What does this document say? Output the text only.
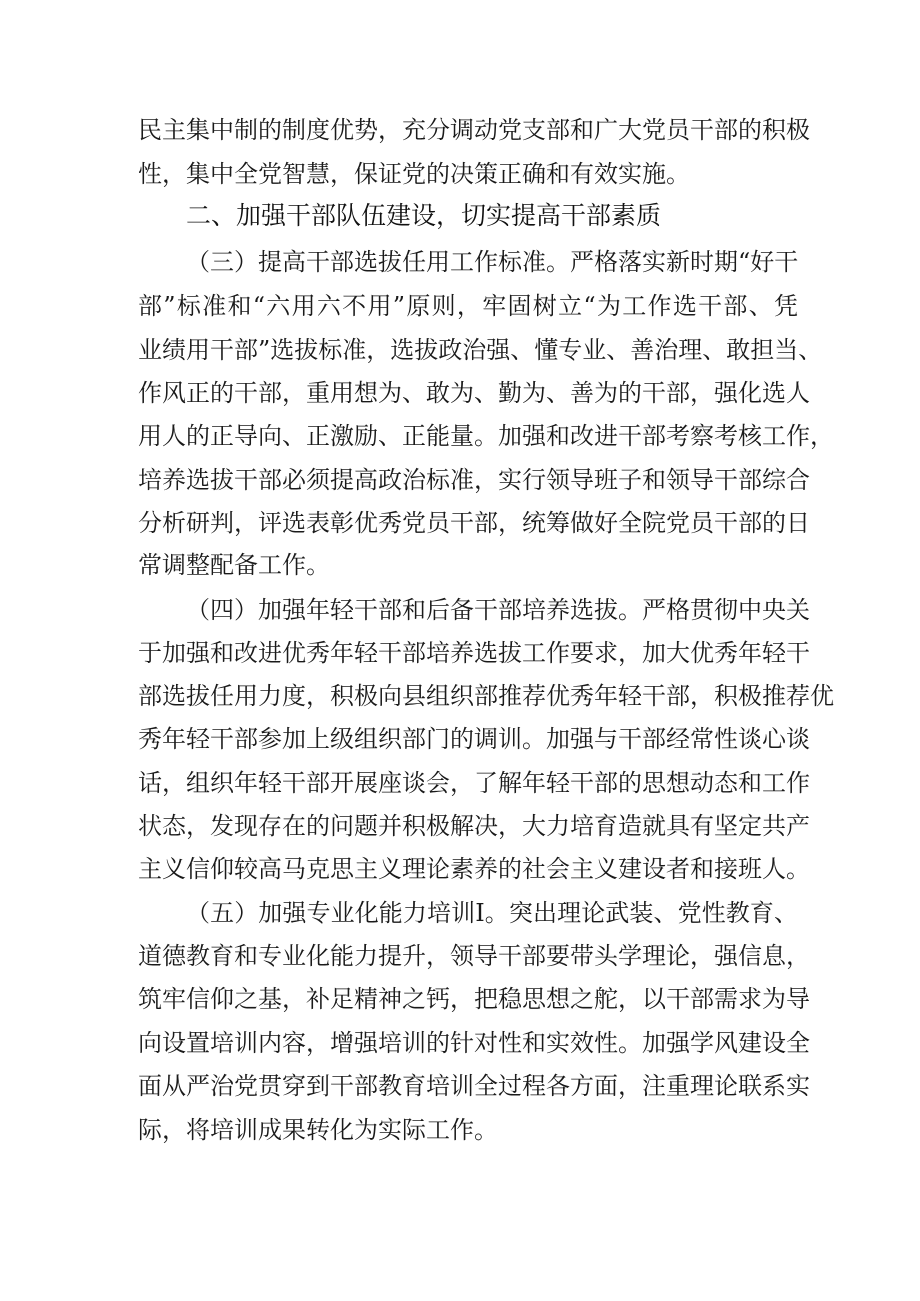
民主集中制的制度优势，充分调动党支部和广大党员干部的积极
性，集中全党智慧，保证党的决策正确和有效实施。
二、加强干部队伍建设，切实提高干部素质
（三）提高干部选拔任用工作标准。严格落实新时期“好干
部”标准和“六用六不用”原则，牢固树立“为工作选干部、凭
业绩用干部”选拔标准，选拔政治强、懂专业、善治理、敢担当、
作风正的干部，重用想为、敢为、勤为、善为的干部，强化选人
用人的正导向、正激励、正能量。加强和改进干部考察考核工作，
培养选拔干部必须提高政治标准，实行领导班子和领导干部综合
分析研判，评选表彰优秀党员干部，统筹做好全院党员干部的日
常调整配备工作。
（四）加强年轻干部和后备干部培养选拔。严格贯彻中央关
于加强和改进优秀年轻干部培养选拔工作要求，加大优秀年轻干
部选拔任用力度，积极向县组织部推荐优秀年轻干部，积极推荐优
秀年轻干部参加上级组织部门的调训。加强与干部经常性谈心谈
话，组织年轻干部开展座谈会，了解年轻干部的思想动态和工作
状态，发现存在的问题并积极解决，大力培育造就具有坚定共产
主义信仰较高马克思主义理论素养的社会主义建设者和接班人。
（五）加强专业化能力培训I。突出理论武装、党性教育、
道德教育和专业化能力提升，领导干部要带头学理论，强信息，
筑牢信仰之基，补足精神之钙，把稳思想之舵，以干部需求为导
向设置培训内容，增强培训的针对性和实效性。加强学风建设全
面从严治党贯穿到干部教育培训全过程各方面，注重理论联系实
际，将培训成果转化为实际工作。
